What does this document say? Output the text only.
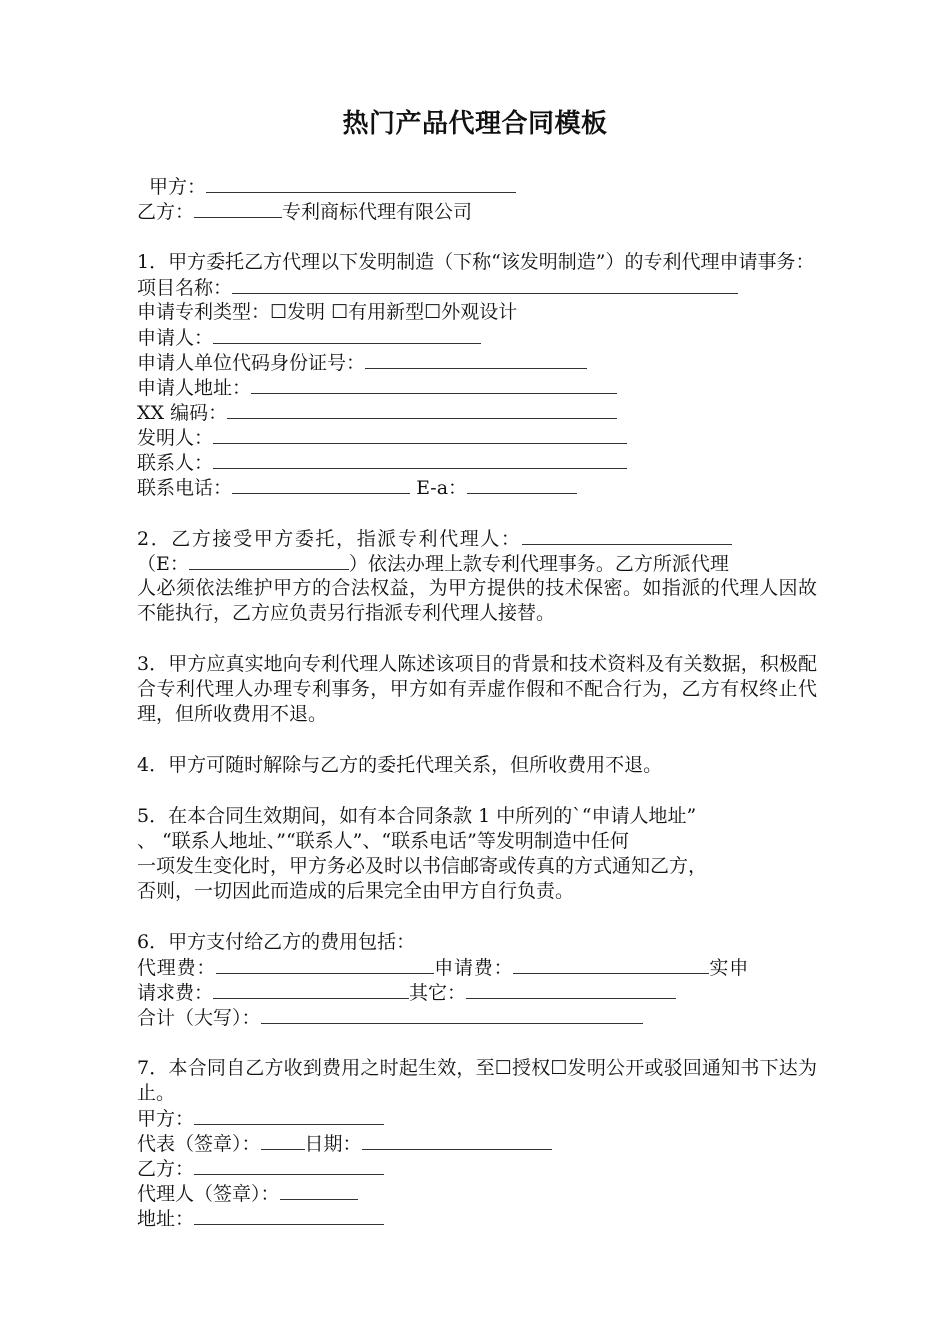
热门产品代理合同模板
甲方：
乙方：	专利商标代理有限公司
1．甲方委托乙方代理以下发明制造（下称“该发明制造”）的专利代理申请事务：
项目名称：
申请专利类型：☐发明 ☐有用新型☐外观设计
申请人：
申请人单位代码身份证号：
申请人地址：
XX 编码：
发明人：
联系人：
联系电话：	E-a：
2．乙方接受甲方委托，指派专利代理人：
（E：	）依法办理上款专利代理事务。乙方所派代理
人必须依法维护甲方的合法权益，为甲方提供的技术保密。如指派的代理人因故不能执行，乙方应负责另行指派专利代理人接替。
3．甲方应真实地向专利代理人陈述该项目的背景和技术资料及有关数据，积极配合专利代理人办理专利事务，甲方如有弄虚作假和不配合行为，乙方有权终止代理，但所收费用不退。
4．甲方可随时解除与乙方的委托代理关系，但所收费用不退。
5．在本合同生效期间，如有本合同条款 1 中所列的`“申请人地址”
、 “联系人地址、”“联系人”、“联系电话”等发明制造中任何
一项发生变化时，甲方务必及时以书信邮寄或传真的方式通知乙方，
否则，一切因此而造成的后果完全由甲方自行负责。
6．甲方支付给乙方的费用包括：
代理费：	申请费：	实申
请求费：	其它：
合计（大写）：
7．本合同自乙方收到费用之时起生效，至☐授权☐发明公开或驳回通知书下达为止。
甲方：
代表（签章）： 日期：
乙方：
代理人（签章）：
地址：
